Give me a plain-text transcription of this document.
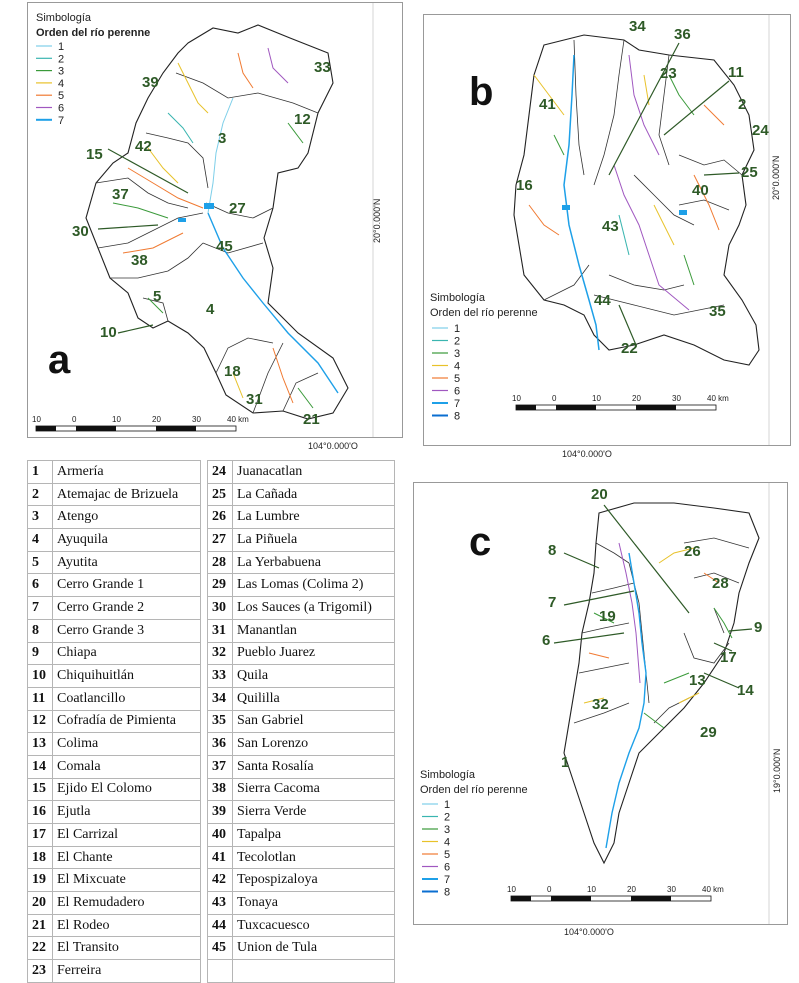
Simbología
Orden del río perenne
1
2
3
4
5
6
7
20°0.000'N
104°0.000'O
a
10	0	10	20	30	40 km
39
33
12
3
42
15
37
27
30
45
38
5
4
10
18
31
21
Simbología
Orden del río perenne
1
2
3
4
5
6
7
8
20°0.000'N
104°0.000'O
b
10	0	10	20	30	40 km
34 36
11
23
41	2
24
16
25
40
43
44
35
22
Simbología
Orden del río perenne
1
2
3
4
5
6
7
8
19°0.000'N
104°0.000'O
c
10	0	10	20	30	40 km
20
8	26
7
28
19
6
9
17
13
14
32
29
1
1	Armería
2	Atemajac de Brizuela
3	Atengo
4	Ayuquila
5	Ayutita
6	Cerro Grande 1
7	Cerro Grande 2
8	Cerro Grande 3
9	Chiapa
10	Chiquihuitlán
11	Coatlancillo
12	Cofradía de Pimienta
13	Colima
14	Comala
15	Ejido El Colomo
16	Ejutla
17	El Carrizal
18	El Chante
19	El Mixcuate
20	El Remudadero
21	El Rodeo
22	El Transito
23	Ferreira
24	Juanacatlan
25	La Cañada
26	La Lumbre
27	La Piñuela
28	La Yerbabuena
29	Las Lomas (Colima 2)
30	Los Sauces (a Trigomil)
31	Manantlan
32	Pueblo Juarez
33	Quila
34	Quililla
35	San Gabriel
36	San Lorenzo
37	Santa Rosalía
38	Sierra Cacoma
39	Sierra Verde
40	Tapalpa
41	Tecolotlan
42	Tepospizaloya
43	Tonaya
44	Tuxcacuesco
45	Union de Tula
